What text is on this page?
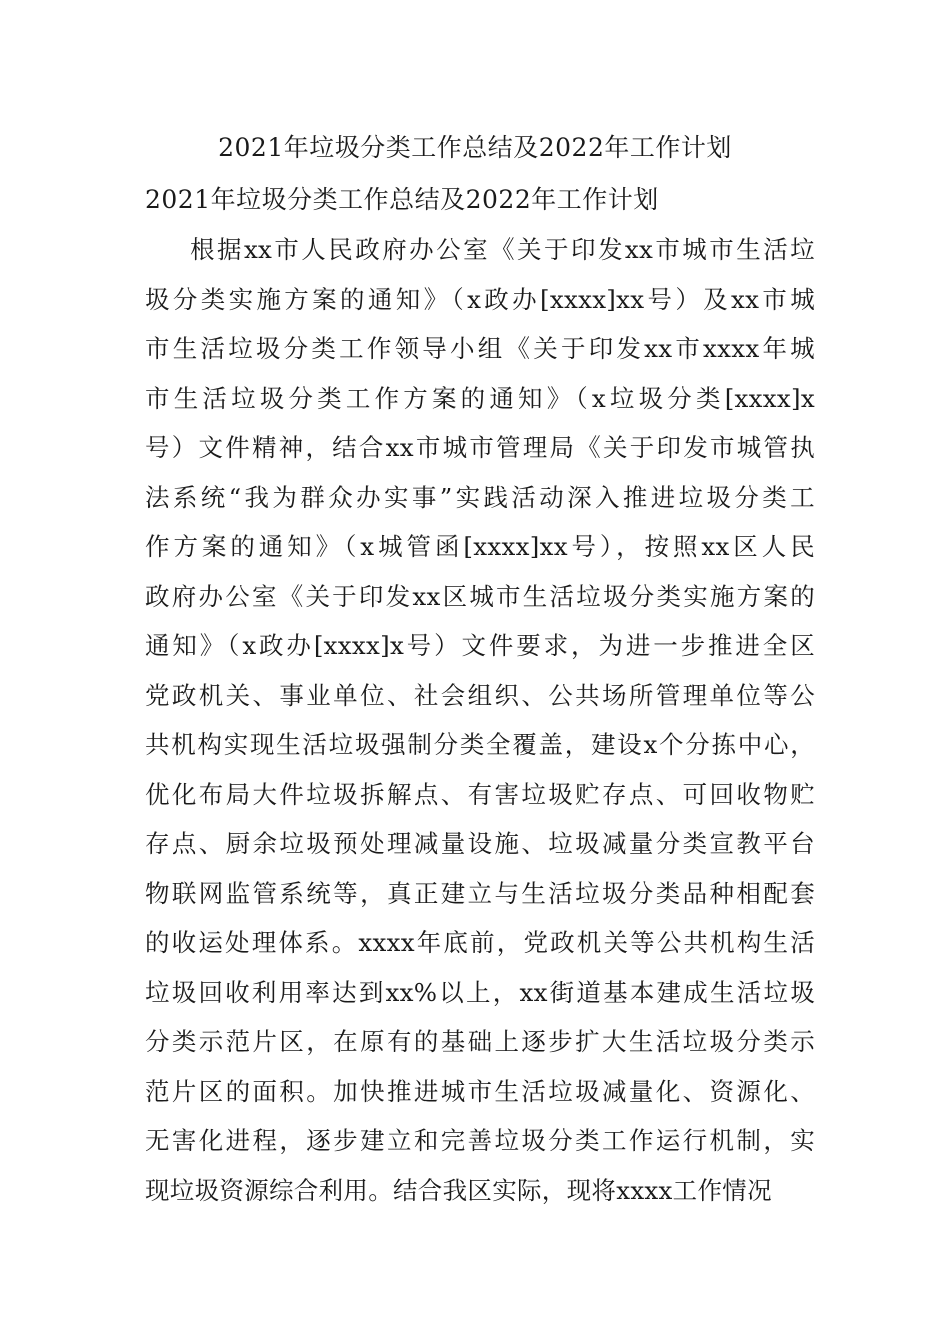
2021年垃圾分类工作总结及2022年工作计划
2021年垃圾分类工作总结及2022年工作计划
根据xx市人民政府办公室《关于印发xx市城市生活垃
圾分类实施方案的通知》（x政办[xxxx]xx号）及xx市城
市生活垃圾分类工作领导小组《关于印发xx市xxxx年城
市生活垃圾分类工作方案的通知》（x垃圾分类[xxxx]x
号）文件精神，结合xx市城市管理局《关于印发市城管执
法系统“我为群众办实事”实践活动深入推进垃圾分类工
作方案的通知》（x城管函[xxxx]xx号），按照xx区人民
政府办公室《关于印发xx区城市生活垃圾分类实施方案的
通知》（x政办[xxxx]x号）文件要求，为进一步推进全区
党政机关、事业单位、社会组织、公共场所管理单位等公
共机构实现生活垃圾强制分类全覆盖，建设x个分拣中心，
优化布局大件垃圾拆解点、有害垃圾贮存点、可回收物贮
存点、厨余垃圾预处理减量设施、垃圾减量分类宣教平台
物联网监管系统等，真正建立与生活垃圾分类品种相配套
的收运处理体系。xxxx年底前，党政机关等公共机构生活
垃圾回收利用率达到xx%以上，xx街道基本建成生活垃圾
分类示范片区，在原有的基础上逐步扩大生活垃圾分类示
范片区的面积。加快推进城市生活垃圾减量化、资源化、
无害化进程，逐步建立和完善垃圾分类工作运行机制，实
现垃圾资源综合利用。结合我区实际，现将xxxx工作情况
